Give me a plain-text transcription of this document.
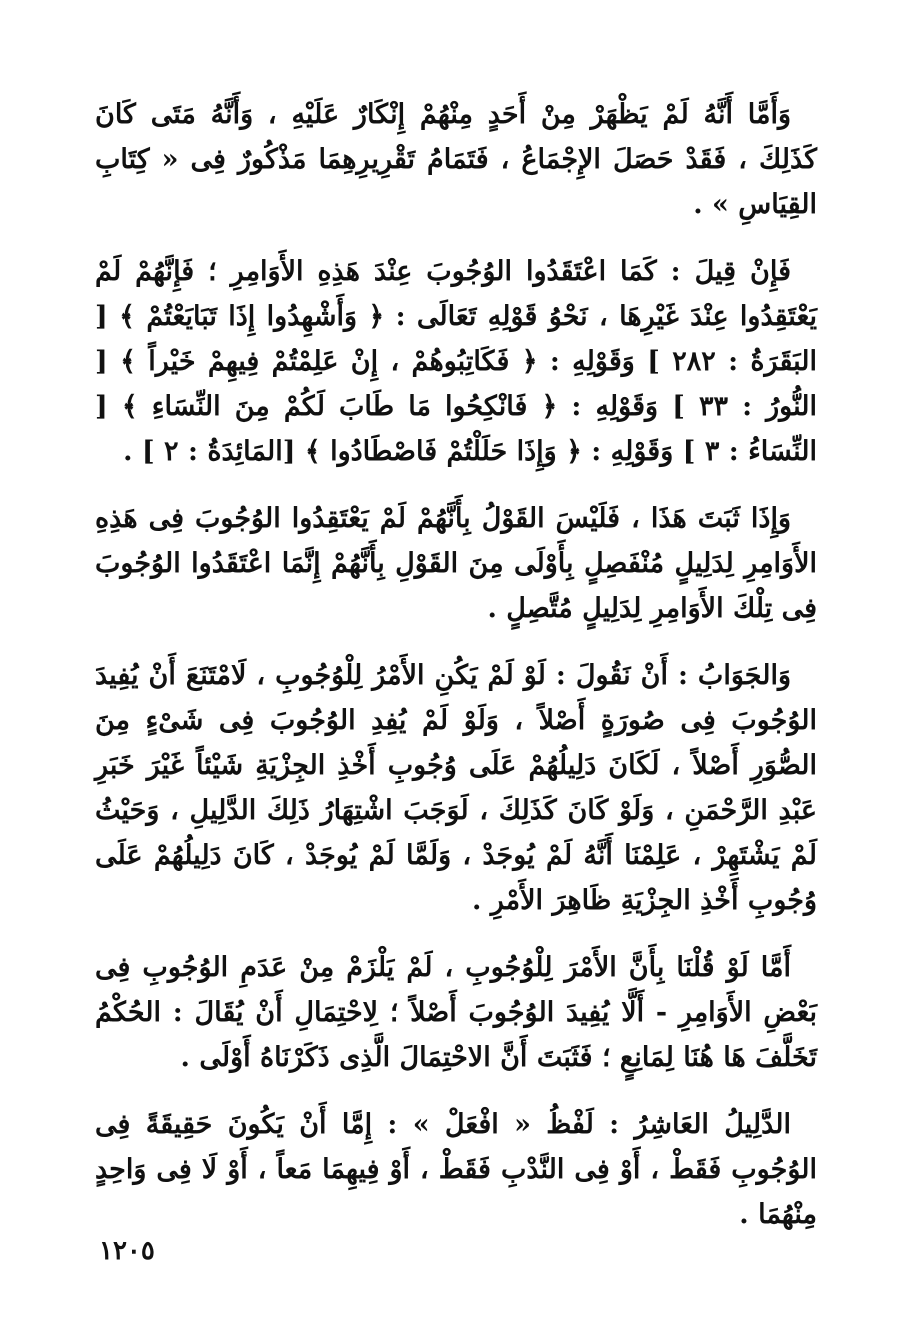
وَأَمَّا أَنَّهُ لَمْ يَظْهَرْ مِنْ أَحَدٍ مِنْهُمْ إِنْكَارٌ عَلَيْهِ ، وَأَنَّهُ مَتَى كَانَ كَذَلِكَ ، فَقَدْ حَصَلَ الإِجْمَاعُ ، فَتَمَامُ تَقْرِيرِهِمَا مَذْكُورٌ فِى « كِتَابِ القِيَاسِ » .

فَإِنْ قِيلَ : كَمَا اعْتَقَدُوا الوُجُوبَ عِنْدَ هَذِهِ الأَوَامِرِ ؛ فَإِنَّهُمْ لَمْ يَعْتَقِدُوا عِنْدَ غَيْرِهَا ، نَحْوُ قَوْلِهِ تَعَالَى : ﴿ وَأَشْهِدُوا إِذَا تَبَايَعْتُمْ ﴾ [ البَقَرَةُ : ٢٨٢ ] وَقَوْلِهِ : ﴿ فَكَاتِبُوهُمْ ، إِنْ عَلِمْتُمْ فِيهِمْ خَيْراً ﴾ [ النُّورُ : ٣٣ ] وَقَوْلِهِ : ﴿ فَانْكِحُوا مَا طَابَ لَكُمْ مِنَ النِّسَاءِ ﴾ [ النِّسَاءُ : ٣ ] وَقَوْلِهِ : ﴿ وَإِذَا حَلَلْتُمْ فَاصْطَادُوا ﴾ [المَائِدَةُ : ٢ ] .

وَإِذَا ثَبَتَ هَذَا ، فَلَيْسَ القَوْلُ بِأَنَّهُمْ لَمْ يَعْتَقِدُوا الوُجُوبَ فِى هَذِهِ الأَوَامِرِ لِدَلِيلٍ مُنْفَصِلٍ بِأَوْلَى مِنَ القَوْلِ بِأَنَّهُمْ إِنَّمَا اعْتَقَدُوا الوُجُوبَ فِى تِلْكَ الأَوَامِرِ لِدَلِيلٍ مُتَّصِلٍ .

وَالجَوَابُ : أَنْ نَقُولَ : لَوْ لَمْ يَكُنِ الأَمْرُ لِلْوُجُوبِ ، لَامْتَنَعَ أَنْ يُفِيدَ الوُجُوبَ فِى صُورَةٍ أَصْلاً ، وَلَوْ لَمْ يُفِدِ الوُجُوبَ فِى شَىْءٍ مِنَ الصُّوَرِ أَصْلاً ، لَكَانَ دَلِيلُهُمْ عَلَى وُجُوبِ أَخْذِ الجِزْيَةِ شَيْئاً غَيْرَ خَبَرِ عَبْدِ الرَّحْمَنِ ، وَلَوْ كَانَ كَذَلِكَ ، لَوَجَبَ اشْتِهَارُ ذَلِكَ الدَّلِيلِ ، وَحَيْثُ لَمْ يَشْتَهِرْ ، عَلِمْنَا أَنَّهُ لَمْ يُوجَدْ ، وَلَمَّا لَمْ يُوجَدْ ، كَانَ دَلِيلُهُمْ عَلَى وُجُوبِ أَخْذِ الجِزْيَةِ ظَاهِرَ الأَمْرِ .

أَمَّا لَوْ قُلْنَا بِأَنَّ الأَمْرَ لِلْوُجُوبِ ، لَمْ يَلْزَمْ مِنْ عَدَمِ الوُجُوبِ فِى بَعْضِ الأَوَامِرِ - أَلَّا يُفِيدَ الوُجُوبَ أَصْلاً ؛ لِاحْتِمَالِ أَنْ يُقَالَ : الحُكْمُ تَخَلَّفَ هَا هُنَا لِمَانِعٍ ؛ فَثَبَتَ أَنَّ الاحْتِمَالَ الَّذِى ذَكَرْنَاهُ أَوْلَى .

الدَّلِيلُ العَاشِرُ : لَفْظُ « افْعَلْ » : إِمَّا أَنْ يَكُونَ حَقِيقَةً فِى الوُجُوبِ فَقَطْ ، أَوْ فِى النَّدْبِ فَقَطْ ، أَوْ فِيهِمَا مَعاً ، أَوْ لَا فِى وَاحِدٍ مِنْهُمَا .

١٢٠٥
